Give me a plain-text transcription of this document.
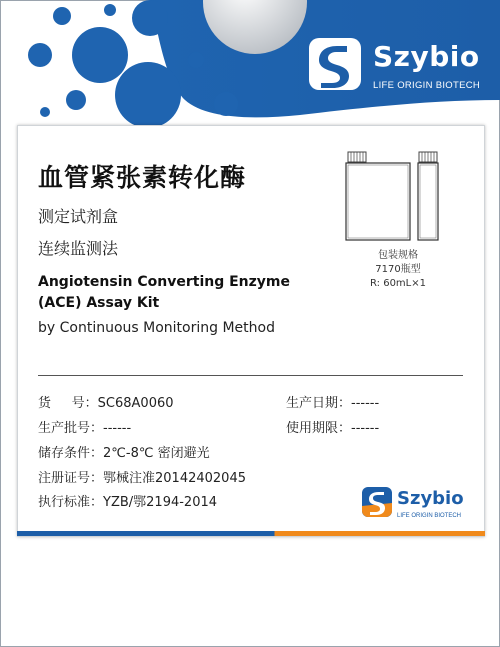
Szybio
LIFE ORIGIN BIOTECH
血管紧张素转化酶
测定试剂盒
连续监测法
Angiotensin Converting Enzyme (ACE) Assay Kit
by Continuous Monitoring Method
包装规格
7170瓶型
R: 60mL×1
货     号：SC68A0060
生产批号：------
储存条件：2℃-8℃ 密闭避光
注册证号：鄂械注准20142402045
执行标准：YZB/鄂2194-2014
生产日期：------
使用期限：------
Szybio
LIFE ORIGIN BIOTECH
